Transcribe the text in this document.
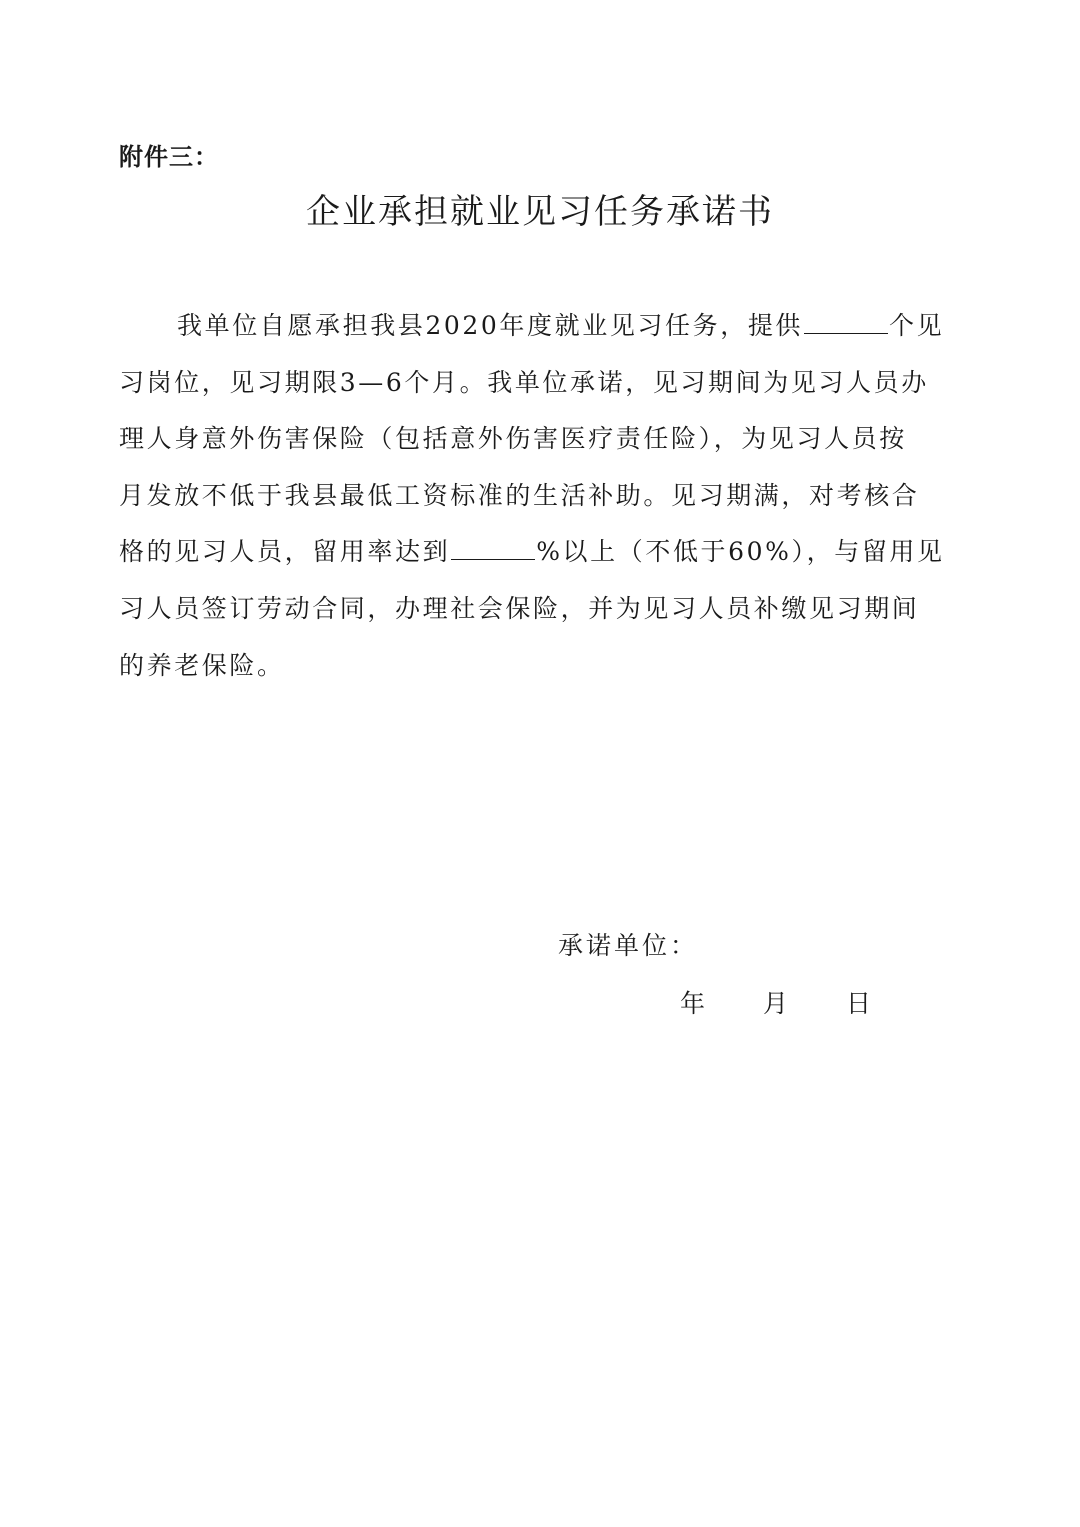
附件三：
企业承担就业见习任务承诺书
我单位自愿承担我县2020年度就业见习任务，提供	个见
习岗位，见习期限3—6个月。我单位承诺，见习期间为见习人员办
理人身意外伤害保险（包括意外伤害医疗责任险），为见习人员按
月发放不低于我县最低工资标准的生活补助。见习期满，对考核合
格的见习人员，留用率达到	%以上（不低于60%），与留用见
习人员签订劳动合同，办理社会保险，并为见习人员补缴见习期间
的养老保险。
承诺单位：
年 月 日
